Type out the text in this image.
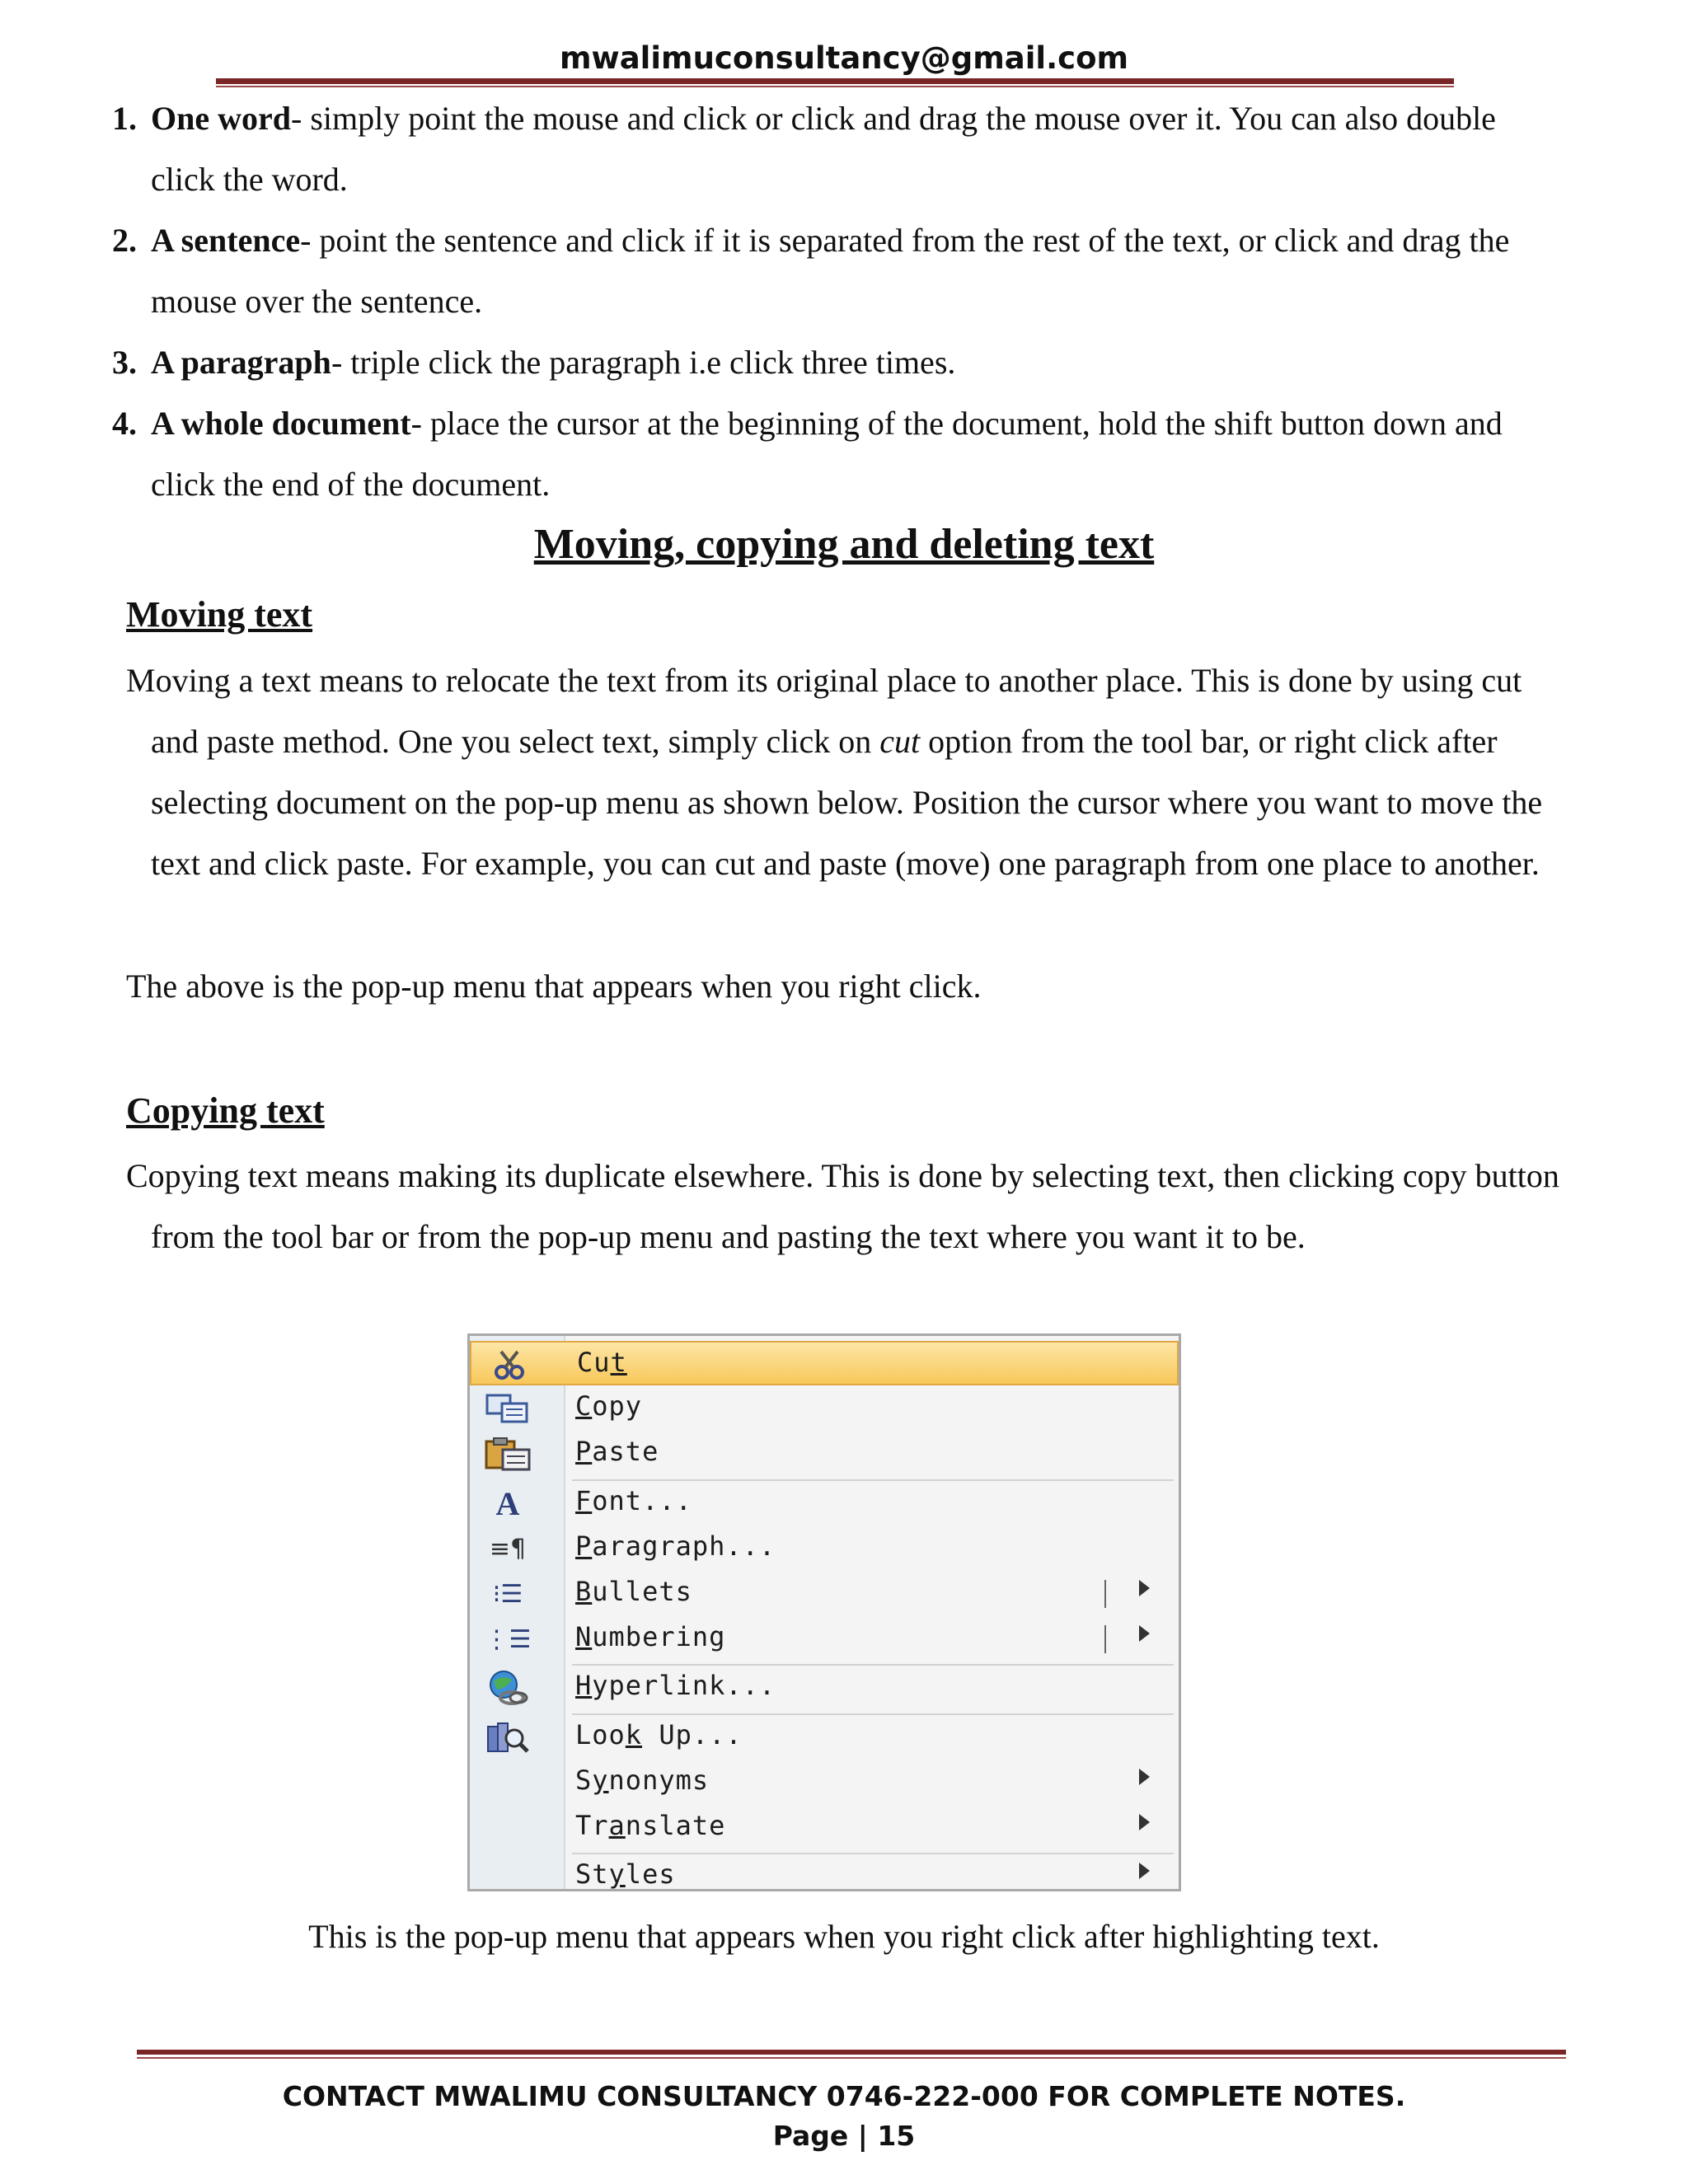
mwalimuconsultancy@gmail.com
1. One word- simply point the mouse and click or click and drag the mouse over it. You can also double click the word.
2. A sentence- point the sentence and click if it is separated from the rest of the text, or click and drag the mouse over the sentence.
3. A paragraph- triple click the paragraph i.e click three times.
4. A whole document- place the cursor at the beginning of the document, hold the shift button down and click the end of the document.
Moving, copying and deleting text
Moving text

Moving a text means to relocate the text from its original place to another place. This is done by using cut and paste method. One you select text, simply click on cut option from the tool bar, or right click after selecting document on the pop-up menu as shown below. Position the cursor where you want to move the text and click paste. For example, you can cut and paste (move) one paragraph from one place to another.

The above is the pop-up menu that appears when you right click.
Copying text

Copying text means making its duplicate elsewhere. This is done by selecting text, then clicking copy button from the tool bar or from the pop-up menu and pasting the text where you want it to be.

Cut
Copy
Paste
A	Font...
≡¶	Paragraph...
⁝☰	Bullets
⋮☰ Numbering
Hyperlink...
Look Up...
Synonyms
Translate
Styles
This is the pop-up menu that appears when you right click after highlighting text.
CONTACT MWALIMU CONSULTANCY 0746-222-000 FOR COMPLETE NOTES.
Page | 15
